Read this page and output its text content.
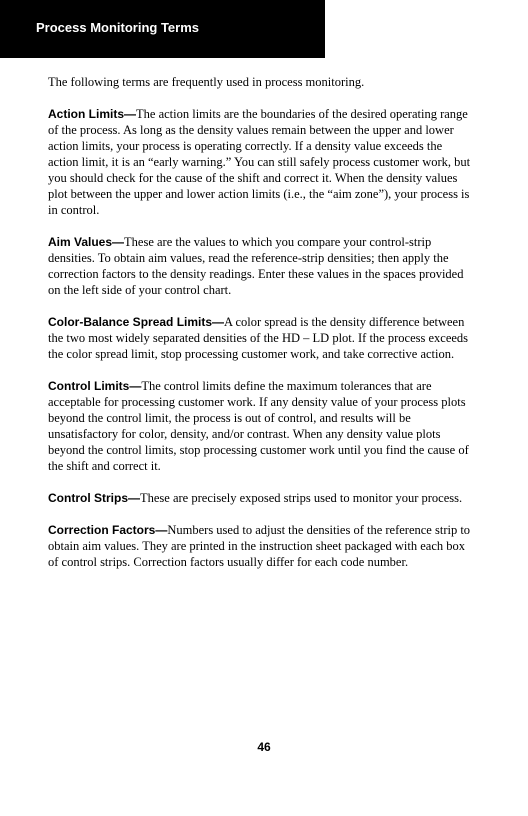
Process Monitoring Terms

The following terms are frequently used in process monitoring.

Action Limits—The action limits are the boundaries of the desired operating range of the process. As long as the density values remain between the upper and lower action limits, your process is operating correctly. If a density value exceeds the action limit, it is an “early warning.” You can still safely process customer work, but you should check for the cause of the shift and correct it. When the density values plot between the upper and lower action limits (i.e., the “aim zone”), your process is in control.

Aim Values—These are the values to which you compare your control-strip densities. To obtain aim values, read the reference-strip densities; then apply the correction factors to the density readings. Enter these values in the spaces provided on the left side of your control chart.

Color-Balance Spread Limits—A color spread is the density difference between the two most widely separated densities of the HD – LD plot. If the process exceeds the color spread limit, stop processing customer work, and take corrective action.

Control Limits—The control limits define the maximum tolerances that are acceptable for processing customer work. If any density value of your process plots beyond the control limit, the process is out of control, and results will be unsatisfactory for color, density, and/or contrast. When any density value plots beyond the control limits, stop processing customer work until you find the cause of the shift and correct it.

Control Strips—These are precisely exposed strips used to monitor your process.

Correction Factors—Numbers used to adjust the densities of the reference strip to obtain aim values. They are printed in the instruction sheet packaged with each box of control strips. Correction factors usually differ for each code number.

46
